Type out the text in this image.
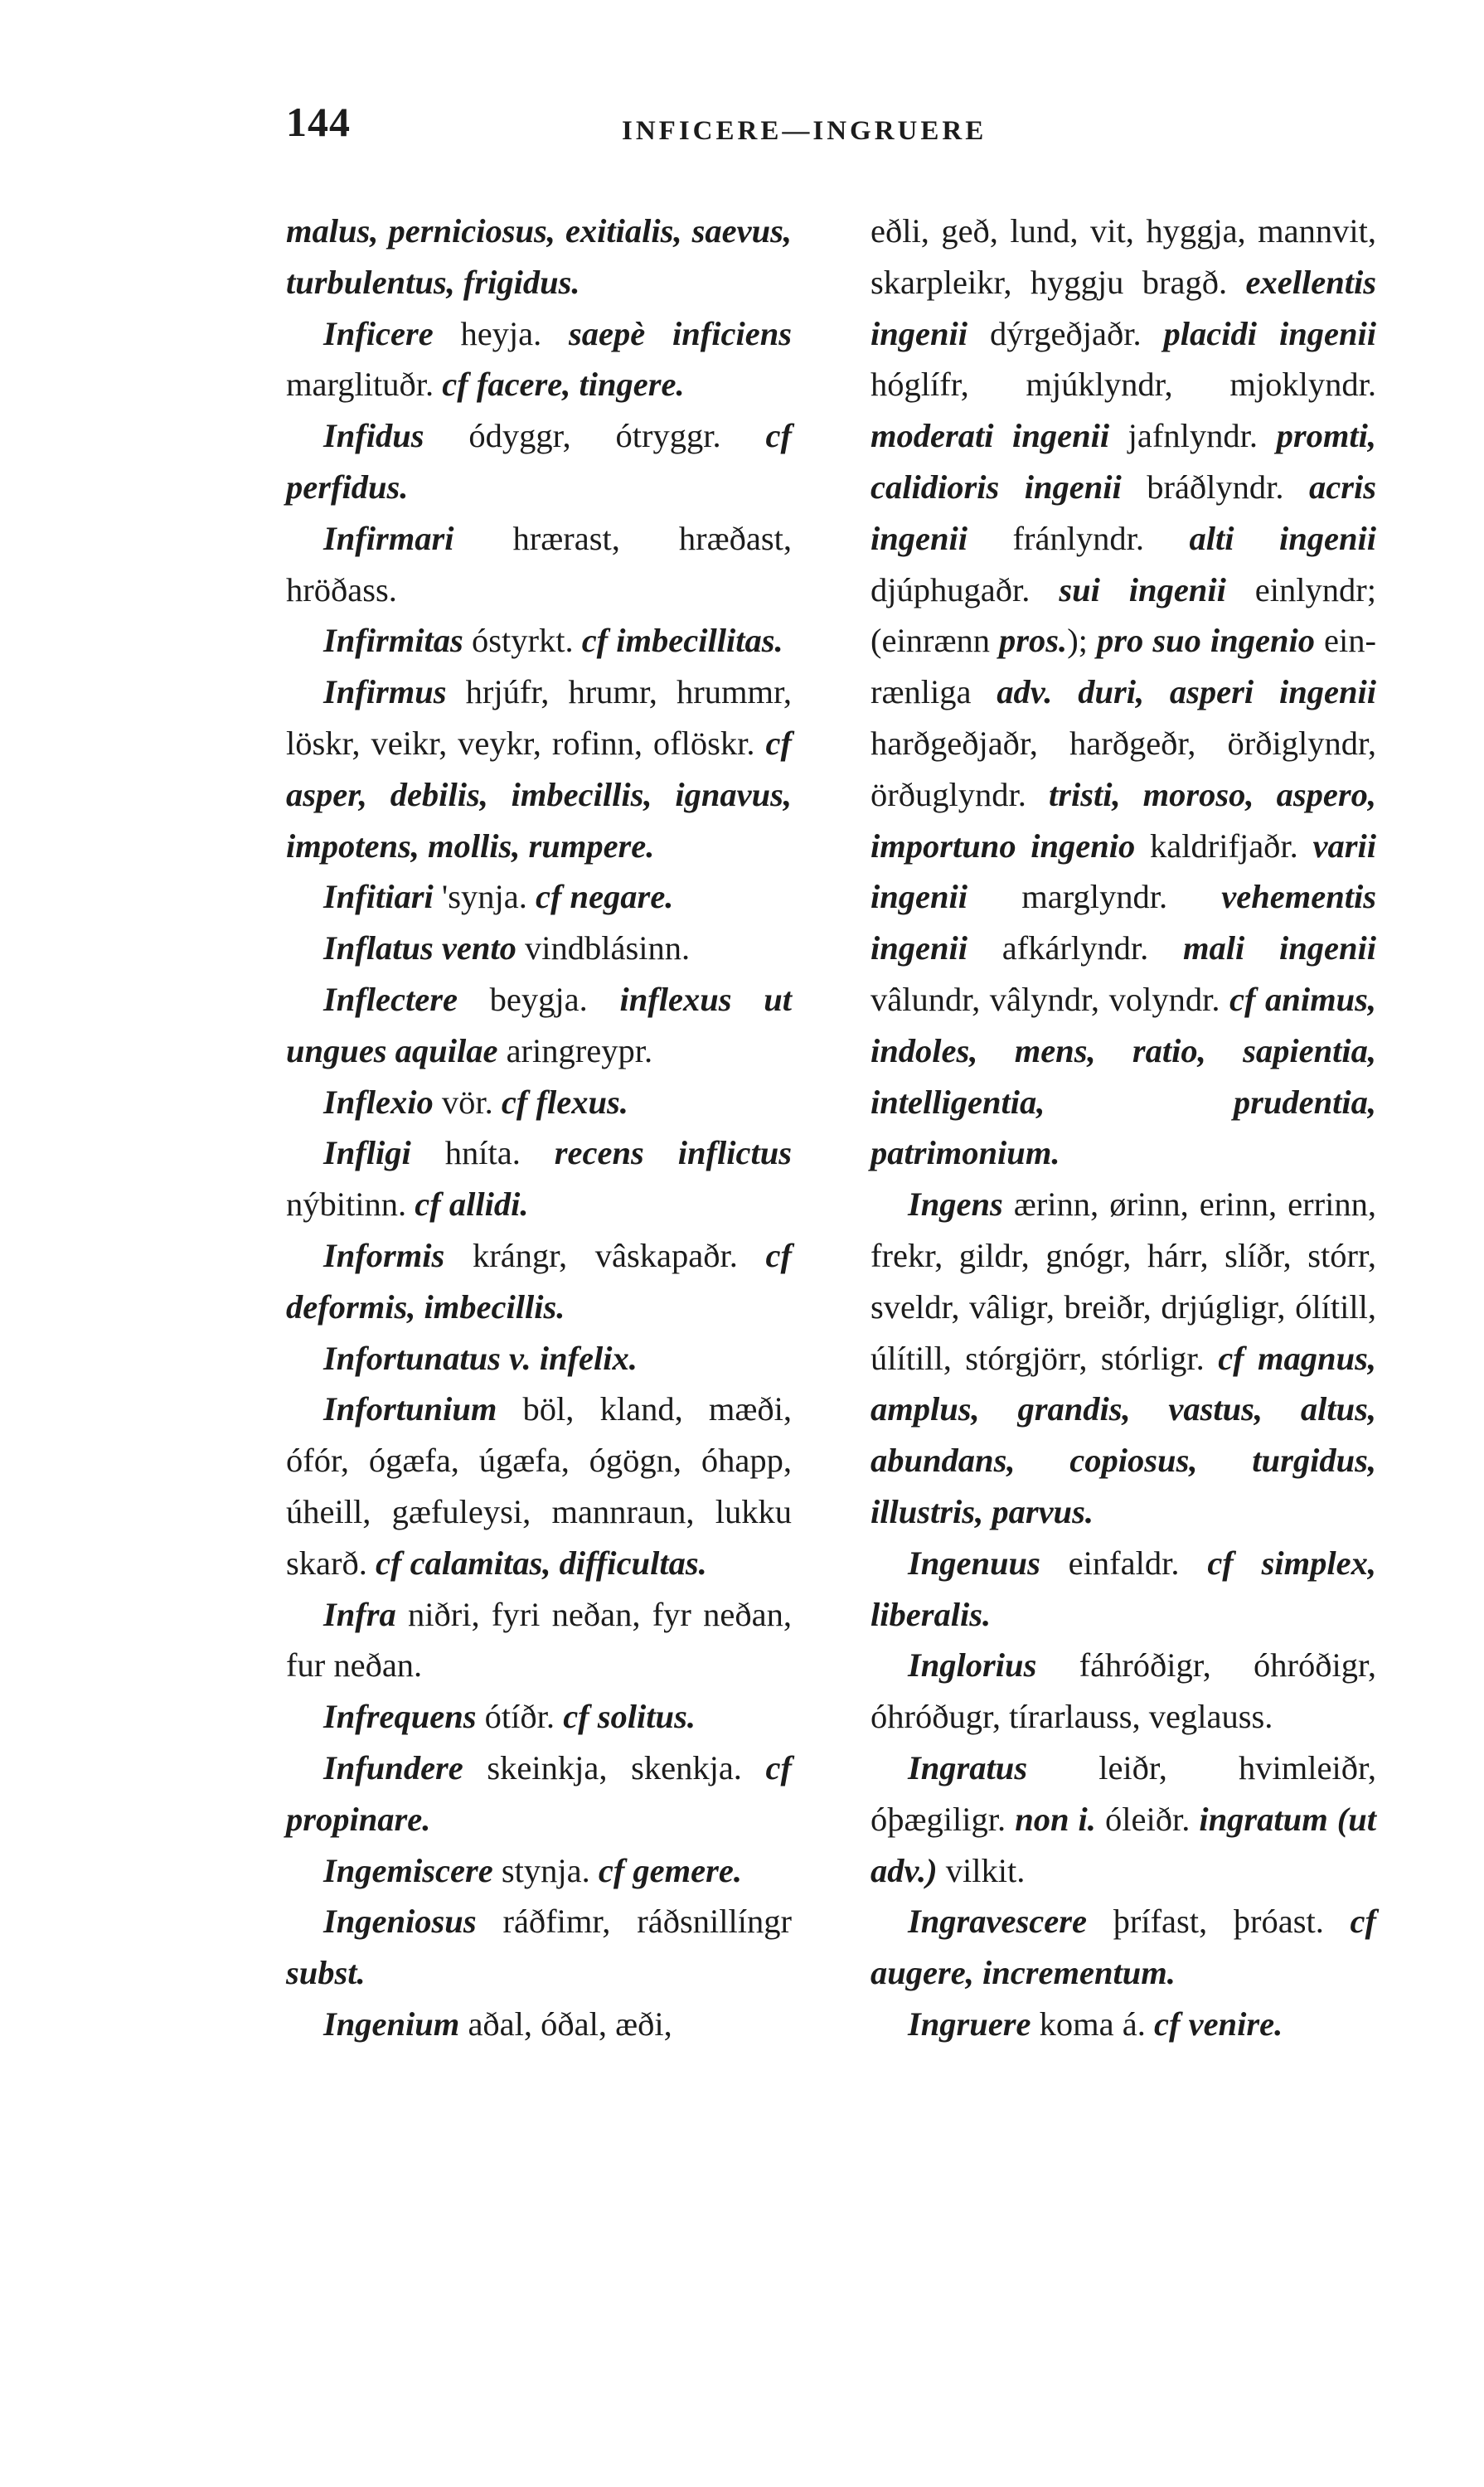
144	INFICERE—INGRUERE

malus, perniciosus, exitialis, saevus, turbulentus, frigidus.

Inficere heyja. saepè inficiens marglituðr. cf facere, tingere.

Infidus ódyggr, ótryggr. cf perfidus.

Infirmari hrærast, hræðast, hröðass.

Infirmitas óstyrkt. cf imbecillitas.

Infirmus hrjúfr, hrumr, hrummr, löskr, veikr, veykr, rofinn, oflöskr. cf asper, debilis, imbecillis, ignavus, impotens, mollis, rumpere.

Infitiari 'synja. cf negare.

Inflatus vento vindblásinn.

Inflectere beygja. inflexus ut ungues aquilae aringreypr.

Inflexio vör. cf flexus.

Infligi hníta. recens inflictus nýbitinn. cf allidi.

Informis krángr, vâskapaðr. cf deformis, imbecillis.

Infortunatus v. infelix.

Infortunium böl, kland, mæði, ófór, ógæfa, úgæfa, ógögn, óhapp, úheill, gæfuleysi, mannraun, lukku skarð. cf calamitas, difficultas.

Infra niðri, fyri neðan, fyr neðan, fur neðan.

Infrequens ótíðr. cf solitus.

Infundere skeinkja, skenkja. cf propinare.

Ingemiscere stynja. cf gemere.

Ingeniosus ráðfimr, ráðsnillíngr subst.

Ingenium aðal, óðal, æði,

eðli, geð, lund, vit, hyggja, mannvit, skarpleikr, hyggju bragð. exellentis ingenii dýrgeðjaðr. placidi ingenii hóglífr, mjúklyndr, mjoklyndr. moderati ingenii jafnlyndr. promti, calidioris ingenii bráðlyndr. acris ingenii fránlyndr. alti ingenii djúphugaðr. sui ingenii einlyndr; (einrænn pros.); pro suo ingenio einrænliga adv. duri, asperi ingenii harðgeðjaðr, harðgeðr, örðiglyndr, örðuglyndr. tristi, moroso, aspero, importuno ingenio kaldrifjaðr. varii ingenii marglyndr. vehementis ingenii afkárlyndr. mali ingenii vâlundr, vâlyndr, volyndr. cf animus, indoles, mens, ratio, sapientia, intelligentia, prudentia, patrimonium.

Ingens ærinn, ørinn, erinn, errinn, frekr, gildr, gnógr, hárr, slíðr, stórr, sveldr, vâligr, breiðr, drjúgligr, ólítill, úlítill, stórgjörr, stórligr. cf magnus, amplus, grandis, vastus, altus, abundans, copiosus, turgidus, illustris, parvus.

Ingenuus einfaldr. cf simplex, liberalis.

Inglorius fáhróðigr, óhróðigr, óhróðugr, tírarlauss, veglauss.

Ingratus leiðr, hvimleiðr, óþægiligr. non i. óleiðr. ingratum (ut adv.) vilkit.

Ingravescere þrífast, þróast. cf augere, incrementum.

Ingruere koma á. cf venire.
